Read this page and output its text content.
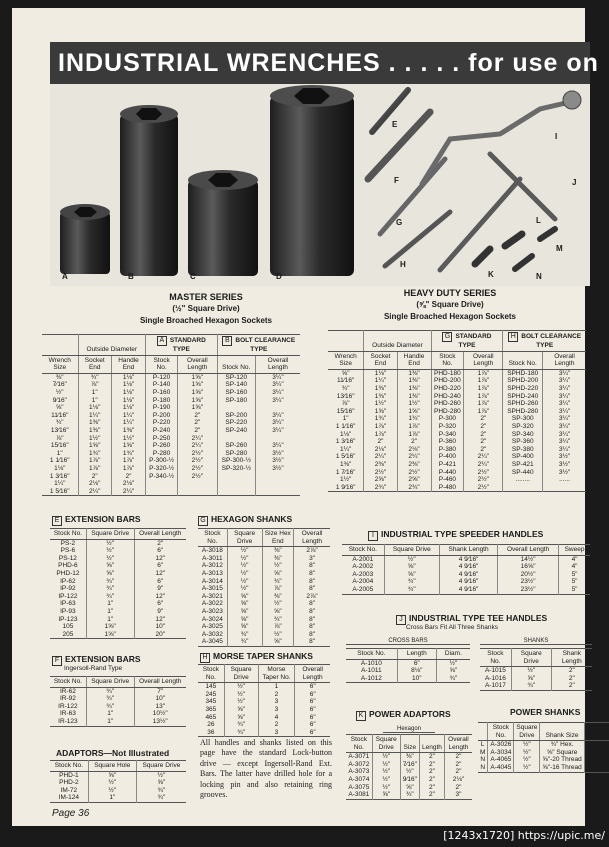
INDUSTRIAL WRENCHES . . . . . for use on
A	B	C	D
E
F
G
H
I
J
K
L
M
N
MASTER SERIES
(½" Square Drive)
Single Broached Hexagon Sockets
HEAVY DUTY SERIES
(⅝" Square Drive)
Single Broached Hexagon Sockets
	Outside Diameter		A STANDARD TYPE		B BOLT CLEARANCE TYPE	
Wrench Size	Socket End	Handle End	Stock No.	Overall Length	Stock No.	Overall Length
⅜"	¾"	1⅛"	P-120	1⅝"	SP-120	3¼"
7⁄16"	⅞"	1⅛"	P-140	1⅝"	SP-140	3¼"
½"	1"	1⅛"	P-160	1⅝"	SP-160	3¼"
9⁄16"	1"	1⅛"	P-180	1⅝"	SP-180	3¼"
⅝"	1⅛"	1⅛"	P-190	1⅝"		
11⁄16"	1¼"	1¼"	P-200	2"	SP-200	3¼"
¾"	1⅜"	1¼"	P-220	2"	SP-220	3¼"
13⁄16"	1⅜"	1⅜"	P-240	2"	SP-240	3¼"
⅞"	1½"	1½"	P-250	2¼"		
15⁄16"	1⅝"	1⅝"	P-260	2¼"	SP-260	3¼"
1"	1¾"	1¾"	P-280	2½"	SP-280	3½"
1 1⁄16"	1⅞"	1⅞"	P-300-½	2½"	SP-300-½	3½"
1⅛"	1⅞"	1⅞"	P-320-½	2½"	SP-320-½	3½"
1 3⁄16"	2"	2"	P-340-½	2½"		
1¼"	2⅛"	2⅛"				
1 5⁄16"	2¼"	2¼"				
	Outside Diameter		G STANDARD TYPE		H BOLT CLEARANCE TYPE	
Wrench Size	Socket End	Handle End	Stock No.	Overall Length	Stock No.	Overall Length
⅝"	1⅛"	1⅜"	PHD-180	1⅞"	SPHD-180	3¼"
11⁄16"	1¼"	1⅜"	PHD-200	1⅞"	SPHD-200	3¼"
¾"	1⅜"	1⅜"	PHD-220	1⅞"	SPHD-220	3¼"
13⁄16"	1⅜"	1⅜"	PHD-240	1⅞"	SPHD-240	3¼"
⅞"	1½"	1½"	PHD-260	1⅞"	SPHD-260	3¼"
15⁄16"	1⅝"	1⅝"	PHD-280	1⅞"	SPHD-280	3¼"
1"	1¾"	1¾"	P-300	2"	SP-300	3¼"
1 1⁄16"	1⅞"	1⅞"	P-320	2"	SP-320	3¼"
1⅛"	1⅞"	1⅞"	P-340	2"	SP-340	3¼"
1 3⁄16"	2"	2"	P-360	2"	SP-360	3¼"
1¼"	2⅛"	2⅛"	P-380	2"	SP-380	3¼"
1 5⁄16"	2¼"	2¼"	P-400	2¼"	SP-400	3½"
1⅜"	2⅜"	2⅜"	P-421	2¼"	SP-421	3½"
1 7⁄16"	2½"	2½"	P-440	2½"	SP-440	3½"
1½"	2⅝"	2⅝"	P-460	2½"	........	......
1 9⁄16"	2¾"	2¾"	P-480	2½"		
E EXTENSION BARS
Stock No.	Square Drive	Overall Length
PS-2	½"	2"
PS-6	½"	6"
PS-12	½"	12"
PHD-6	⅝"	6"
PHD-12	⅝"	12"
IP-62	¾"	6"
IP-92	¾"	9"
IP-122	¾"	12"
IP-63	1"	6"
IP-93	1"	9"
IP-123	1"	12"
105	1⅝"	10"
205	1⅝"	20"
G HEXAGON SHANKS
Stock No.	Square Drive	Size Hex End	Overall Length
A-3018	½"	⅜"	2⅞"
A-3011	½"	⅜"	3"
A-3012	½"	½"	8"
A-3013	½"	⅝"	8"
A-3014	½"	¾"	8"
A-3015	½"	⅞"	8"
A-3021	⅝"	⅜"	2⅞"
A-3022	⅝"	½"	8"
A-3023	⅝"	⅝"	8"
A-3024	⅝"	¾"	8"
A-3025	⅝"	⅞"	8"
A-3032	¾"	½"	8"
A-3045	¾"	⅝"	8"
F EXTENSION BARS
Ingersoll-Rand Type
Stock No.	Square Drive	Overall Length
IR-62	¾"	7"
IR-92	¾"	10"
IR-122	¾"	13"
IR-63	1"	10½"
IR-123	1"	13½"
H MORSE TAPER SHANKS
Stock No.	Square Drive	Morse Taper No.	Overall Length
145	½"	1	6"
245	½"	2	6"
345	½"	3	6"
365	⅝"	3	6"
465	⅝"	4	6"
26	¾"	2	6"
36	¾"	3	6"
ADAPTORS—Not Illustrated
Stock No.	Square Hole	Square Drive
PHD-1	⅝"	½"
PHD-2	½"	⅝"
IM-72	½"	¾"
IM-124	1"	¾"
All handles and shanks listed on this page have the standard Lock-button drive — except Ingersoll-Rand Ext. Bars. The latter have drilled hole for a locking pin and also retaining ring grooves.
I INDUSTRIAL TYPE SPEEDER HANDLES
Stock No.	Square Drive	Shank Length	Overall Length	Sweep
A-2001	½"	4 9⁄16"	14½"	4"
A-2002	⅝"	4 9⁄16"	16⅝"	4"
A-2003	⅝"	4 9⁄16"	20½"	5"
A-2004	¾"	4 9⁄16"	23½"	5"
A-2005	¾"	4 9⁄16"	23½"	5"
J INDUSTRIAL TYPE TEE HANDLES
Cross Bars Fit All Three Shanks
CROSS BARS	SHANKS
Stock No.	Length	Diam.
A-1010	6"	½"
A-1011	8⅛"	⅝"
A-1012	10"	¾"
Stock No.	Square Drive	Shank Length
A-1015	½"	2"
A-1016	⅝"	2"
A-1017	¾"	2"
K POWER ADAPTORS
Hexagon
Stock No.	Square Drive	Size	Length	Overall Length
A-3071	½"	⅜"	2"	2"
A-3072	½"	7⁄16"	2"	2"
A-3073	½"	½"	2"	2"
A-3074	½"	9⁄16"	2"	2⅛"
A-3075	½"	⅝"	2"	2"
A-3081	⅝"	¾"	2"	3"
POWER SHANKS
	Stock No.	Square Drive	Shank Size	Overall Length
L	A-3026	½"	¾" Hex.	2 5⁄16"
M	A-3034	½"	⅝" Square	2"
N	A-4065	½"	⅝"-20 Thread	1⅛"
N	A-4045	½"	⅝"-16 Thread	1⅛"
Page 36
[1243x1720] https://upic.me/
